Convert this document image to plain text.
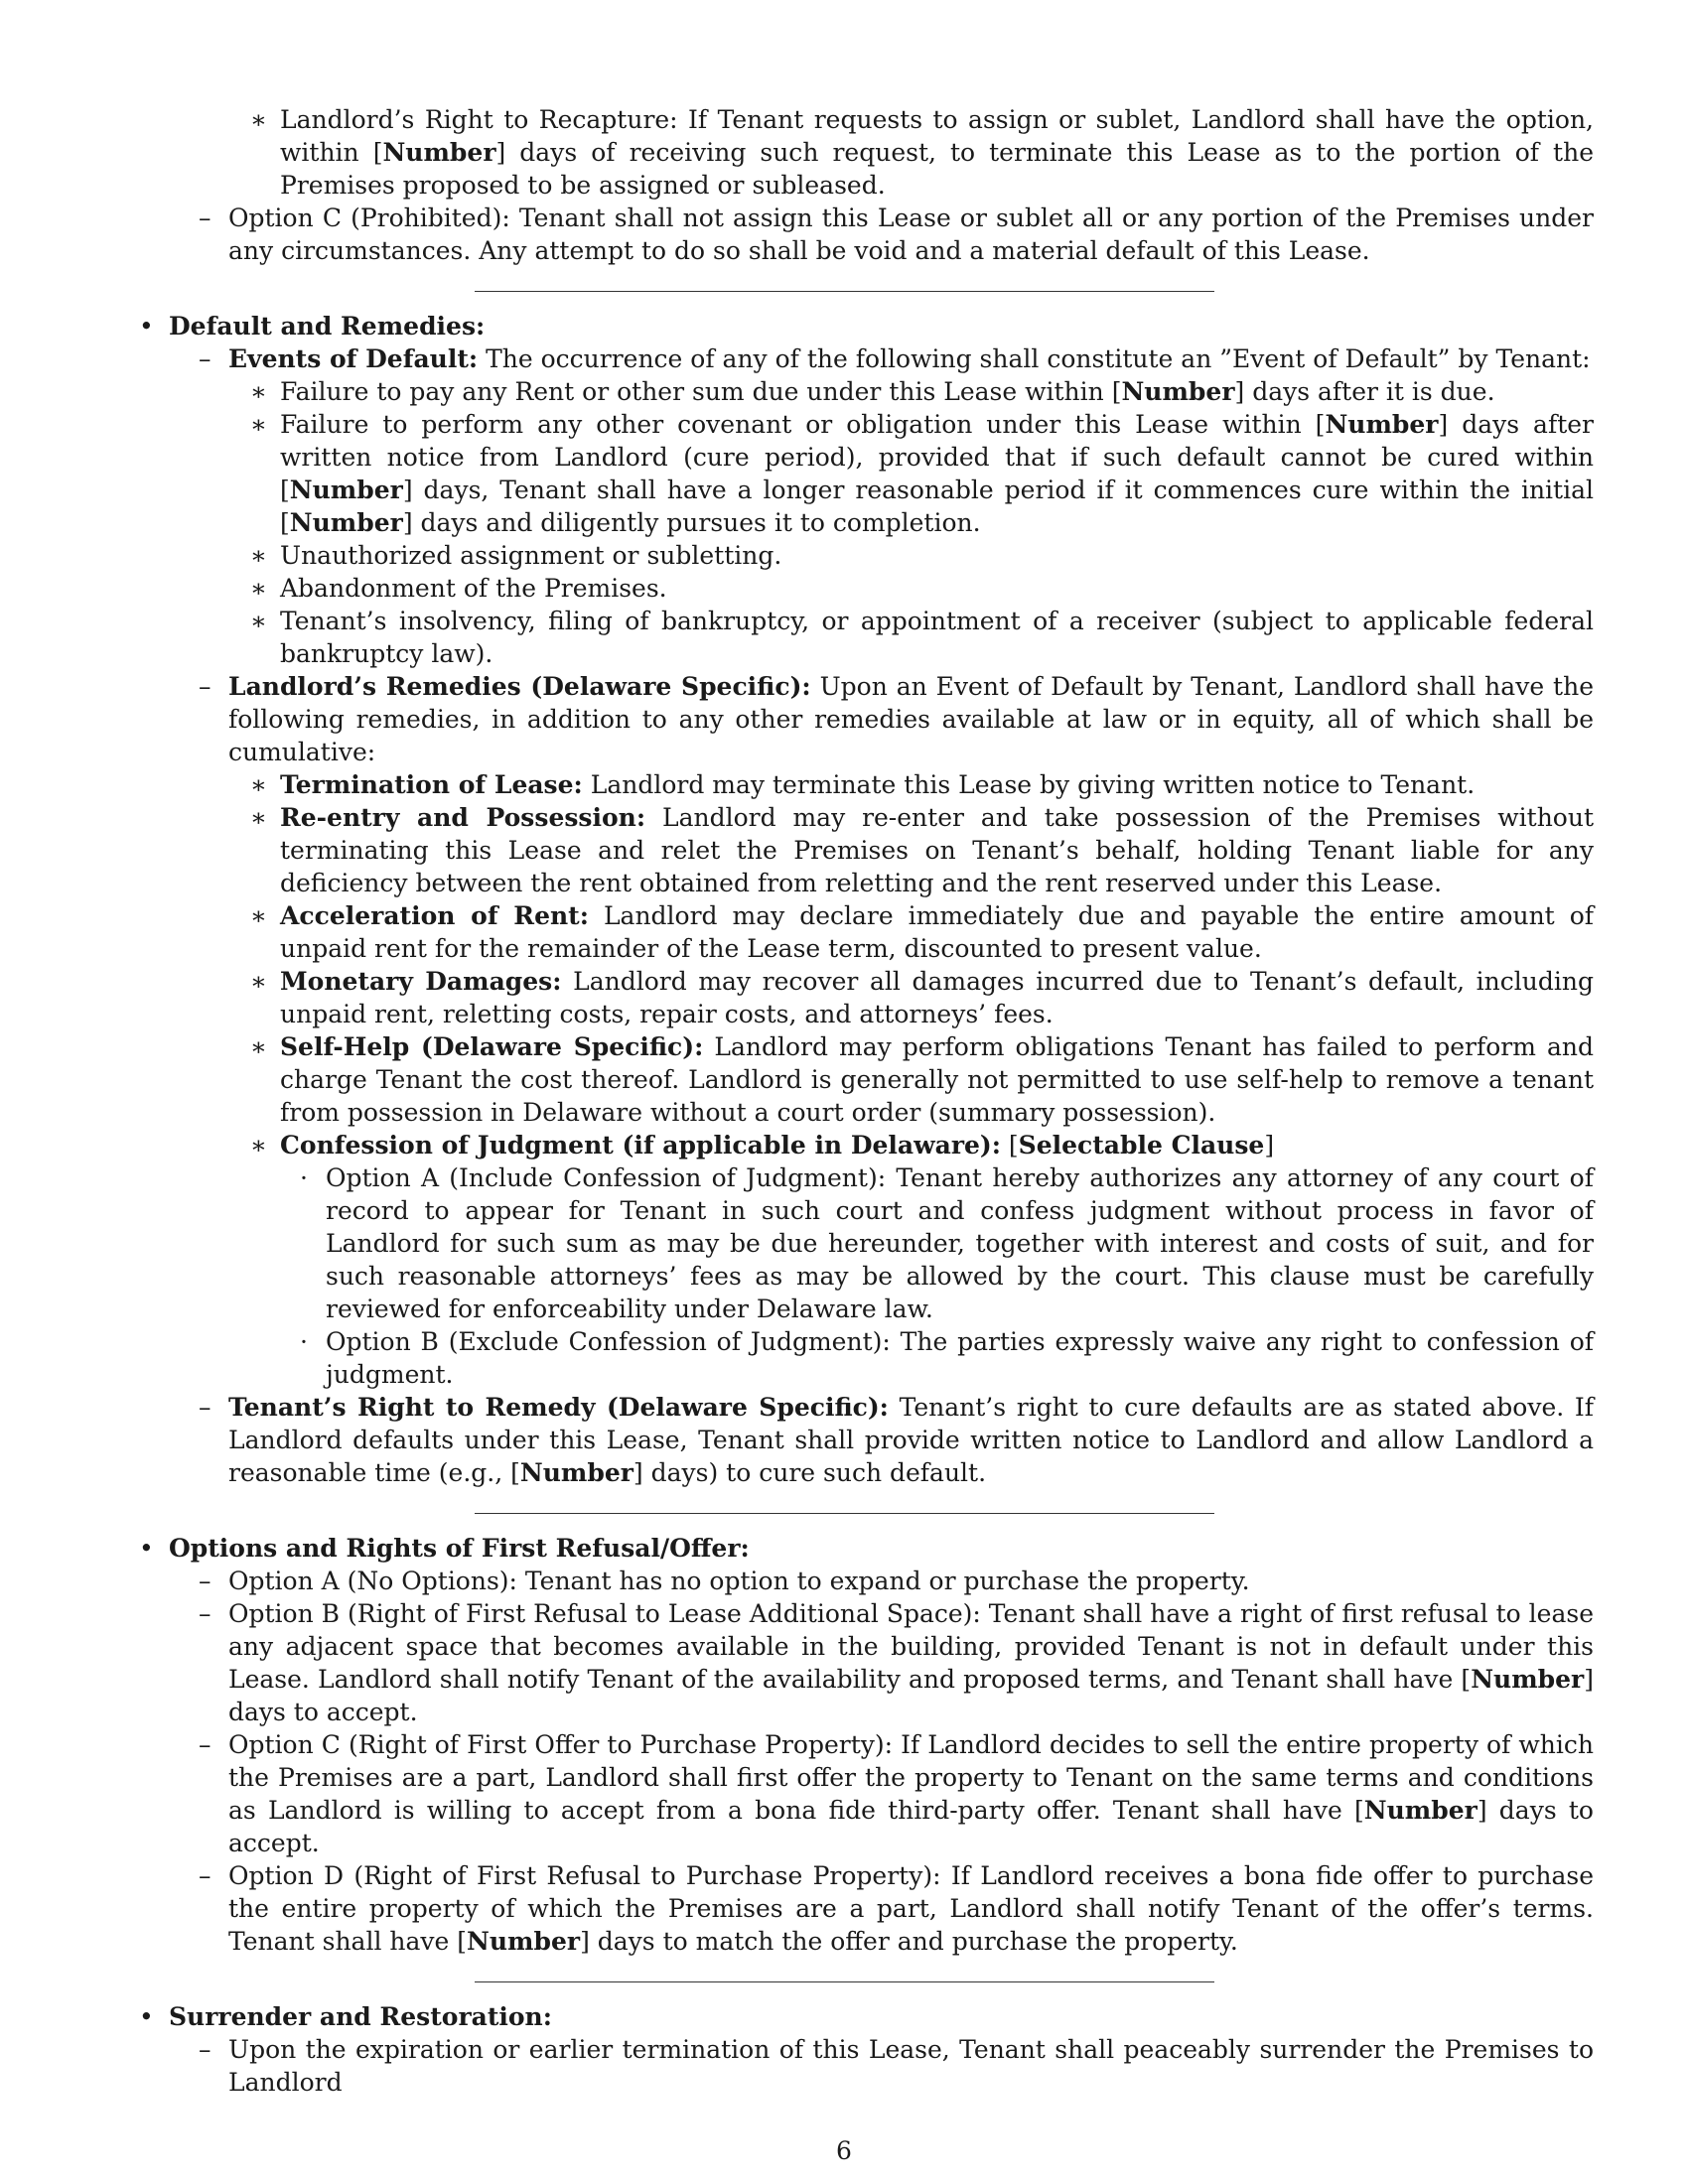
∗ Landlord’s Right to Recapture: If Tenant requests to assign or sublet, Landlord shall have the option, within [Number] days of receiving such request, to terminate this Lease as to the portion of the Premises proposed to be assigned or subleased.
– Option C (Prohibited): Tenant shall not assign this Lease or sublet all or any portion of the Premises under any circumstances. Any attempt to do so shall be void and a material default of this Lease.
• Default and Remedies:
– Events of Default: The occurrence of any of the following shall constitute an ”Event of Default” by Tenant:
∗ Failure to pay any Rent or other sum due under this Lease within [Number] days after it is due.
∗ Failure to perform any other covenant or obligation under this Lease within [Number] days after written notice from Landlord (cure period), provided that if such default cannot be cured within [Number] days, Tenant shall have a longer reasonable period if it commences cure within the initial [Number] days and diligently pursues it to completion.
∗ Unauthorized assignment or subletting.
∗ Abandonment of the Premises.
∗ Tenant’s insolvency, filing of bankruptcy, or appointment of a receiver (subject to applicable federal bankruptcy law).
– Landlord’s Remedies (Delaware Specific): Upon an Event of Default by Tenant, Landlord shall have the following remedies, in addition to any other remedies available at law or in equity, all of which shall be cumulative:
∗ Termination of Lease: Landlord may terminate this Lease by giving written notice to Tenant.
∗ Re-entry and Possession: Landlord may re-enter and take possession of the Premises without terminating this Lease and relet the Premises on Tenant’s behalf, holding Tenant liable for any deficiency between the rent obtained from reletting and the rent reserved under this Lease.
∗ Acceleration of Rent: Landlord may declare immediately due and payable the entire amount of unpaid rent for the remainder of the Lease term, discounted to present value.
∗ Monetary Damages: Landlord may recover all damages incurred due to Tenant’s default, including unpaid rent, reletting costs, repair costs, and attorneys’ fees.
∗ Self-Help (Delaware Specific): Landlord may perform obligations Tenant has failed to perform and charge Tenant the cost thereof. Landlord is generally not permitted to use self-help to remove a tenant from possession in Delaware without a court order (summary possession).
∗ Confession of Judgment (if applicable in Delaware): [Selectable Clause]
· Option A (Include Confession of Judgment): Tenant hereby authorizes any attorney of any court of record to appear for Tenant in such court and confess judgment without process in favor of Landlord for such sum as may be due hereunder, together with interest and costs of suit, and for such reasonable attorneys’ fees as may be allowed by the court. This clause must be carefully reviewed for enforceability under Delaware law.
· Option B (Exclude Confession of Judgment): The parties expressly waive any right to confession of judgment.
– Tenant’s Right to Remedy (Delaware Specific): Tenant’s right to cure defaults are as stated above. If Landlord defaults under this Lease, Tenant shall provide written notice to Landlord and allow Landlord a reasonable time (e.g., [Number] days) to cure such default.
• Options and Rights of First Refusal/Offer:
– Option A (No Options): Tenant has no option to expand or purchase the property.
– Option B (Right of First Refusal to Lease Additional Space): Tenant shall have a right of first refusal to lease any adjacent space that becomes available in the building, provided Tenant is not in default under this Lease. Landlord shall notify Tenant of the availability and proposed terms, and Tenant shall have [Number] days to accept.
– Option C (Right of First Offer to Purchase Property): If Landlord decides to sell the entire property of which the Premises are a part, Landlord shall first offer the property to Tenant on the same terms and conditions as Landlord is willing to accept from a bona fide third-party offer. Tenant shall have [Number] days to accept.
– Option D (Right of First Refusal to Purchase Property): If Landlord receives a bona fide offer to purchase the entire property of which the Premises are a part, Landlord shall notify Tenant of the offer’s terms. Tenant shall have [Number] days to match the offer and purchase the property.
• Surrender and Restoration:
– Upon the expiration or earlier termination of this Lease, Tenant shall peaceably surrender the Premises to Landlord
6
